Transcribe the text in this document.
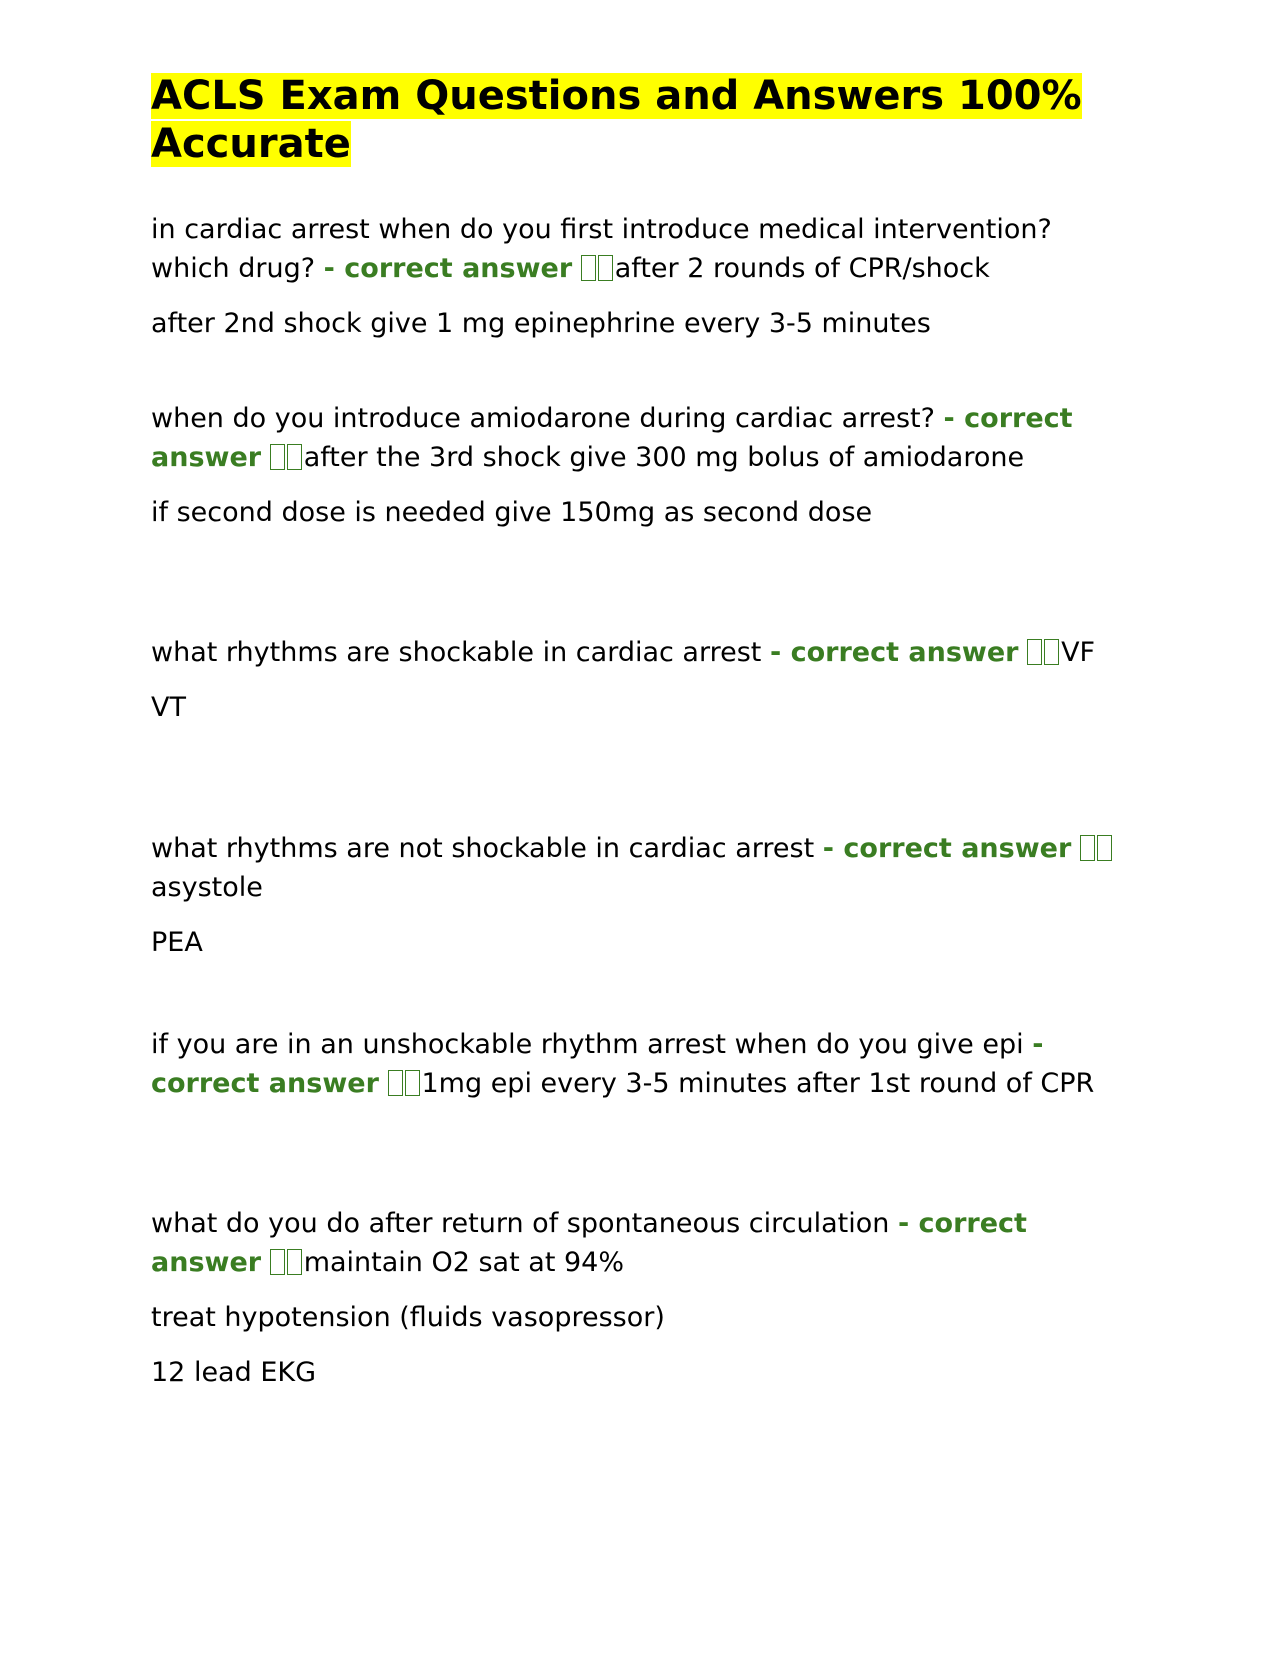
ACLS Exam Questions and Answers 100% Accurate

in cardiac arrest when do you first introduce medical intervention? which drug? - correct answer after 2 rounds of CPR/shock

after 2nd shock give 1 mg epinephrine every 3-5 minutes

when do you introduce amiodarone during cardiac arrest? - correct answer after the 3rd shock give 300 mg bolus of amiodarone

if second dose is needed give 150mg as second dose

what rhythms are shockable in cardiac arrest - correct answer VF

VT

what rhythms are not shockable in cardiac arrest - correct answer asystole

PEA

if you are in an unshockable rhythm arrest when do you give epi - correct answer 1mg epi every 3-5 minutes after 1st round of CPR

what do you do after return of spontaneous circulation - correct answer maintain O2 sat at 94%

treat hypotension (fluids vasopressor)

12 lead EKG
